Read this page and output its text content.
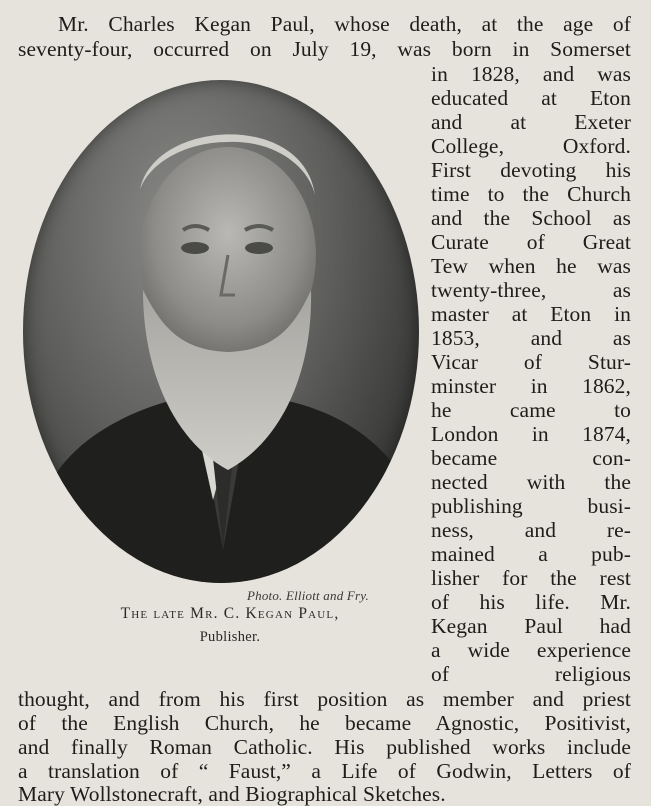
Mr. Charles Kegan Paul, whose death, at the age of
seventy-four, occurred on July 19, was born in Somerset
in 1828, and was
educated at Eton
and at Exeter
College, Oxford.
First devoting his
time to the Church
and the School as
Curate of Great
Tew when he was
twenty-three, as
master at Eton in
1853, and as
Vicar of Stur-
minster in 1862,
he came to
London in 1874,
became con-
nected with the
publishing busi-
ness, and re-
mained a pub-
lisher for the rest
of his life. Mr.
Kegan Paul had
a wide experience
of religious
thought, and from his first position as member and priest
of the English Church, he became Agnostic, Positivist,
and finally Roman Catholic. His published works include
a translation of “ Faust,” a Life of Godwin, Letters of
Mary Wollstonecraft, and Biographical Sketches.
Photo. Elliott and Fry.
The late Mr. C. Kegan Paul,
Publisher.
